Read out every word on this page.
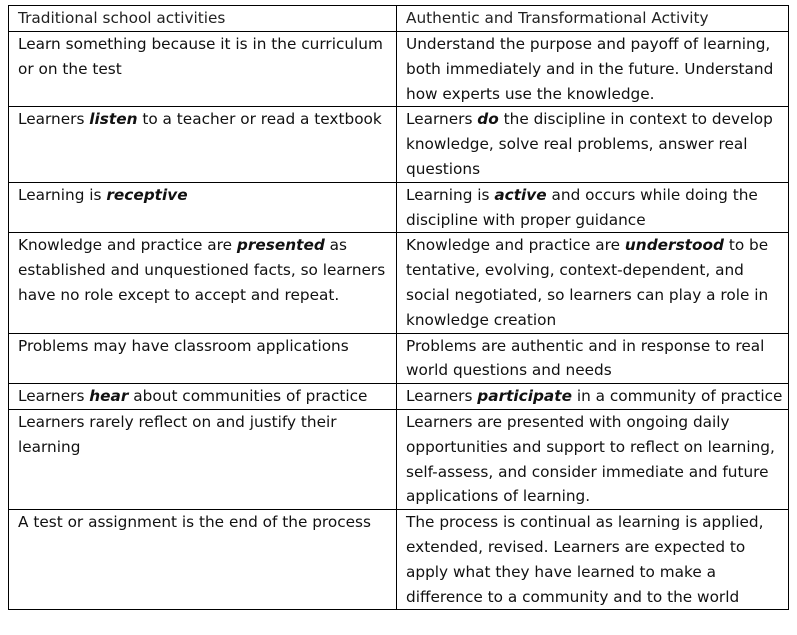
Traditional school activities	Authentic and Transformational Activity
Learn something because it is in the curriculum or on the test	Understand the purpose and payoff of learning, both immediately and in the future. Understand how experts use the knowledge.
Learners listen to a teacher or read a textbook	Learners do the discipline in context to develop knowledge, solve real problems, answer real questions
Learning is receptive	Learning is active and occurs while doing the discipline with proper guidance
Knowledge and practice are presented as established and unquestioned facts, so learners have no role except to accept and repeat.	Knowledge and practice are understood to be tentative, evolving, context-dependent, and social negotiated, so learners can play a role in knowledge creation
Problems may have classroom applications	Problems are authentic and in response to real world questions and needs
Learners hear about communities of practice	Learners participate in a community of practice
Learners rarely reflect on and justify their learning	Learners are presented with ongoing daily opportunities and support to reflect on learning, self-assess, and consider immediate and future applications of learning.
A test or assignment is the end of the process	The process is continual as learning is applied, extended, revised. Learners are expected to apply what they have learned to make a difference to a community and to the world
